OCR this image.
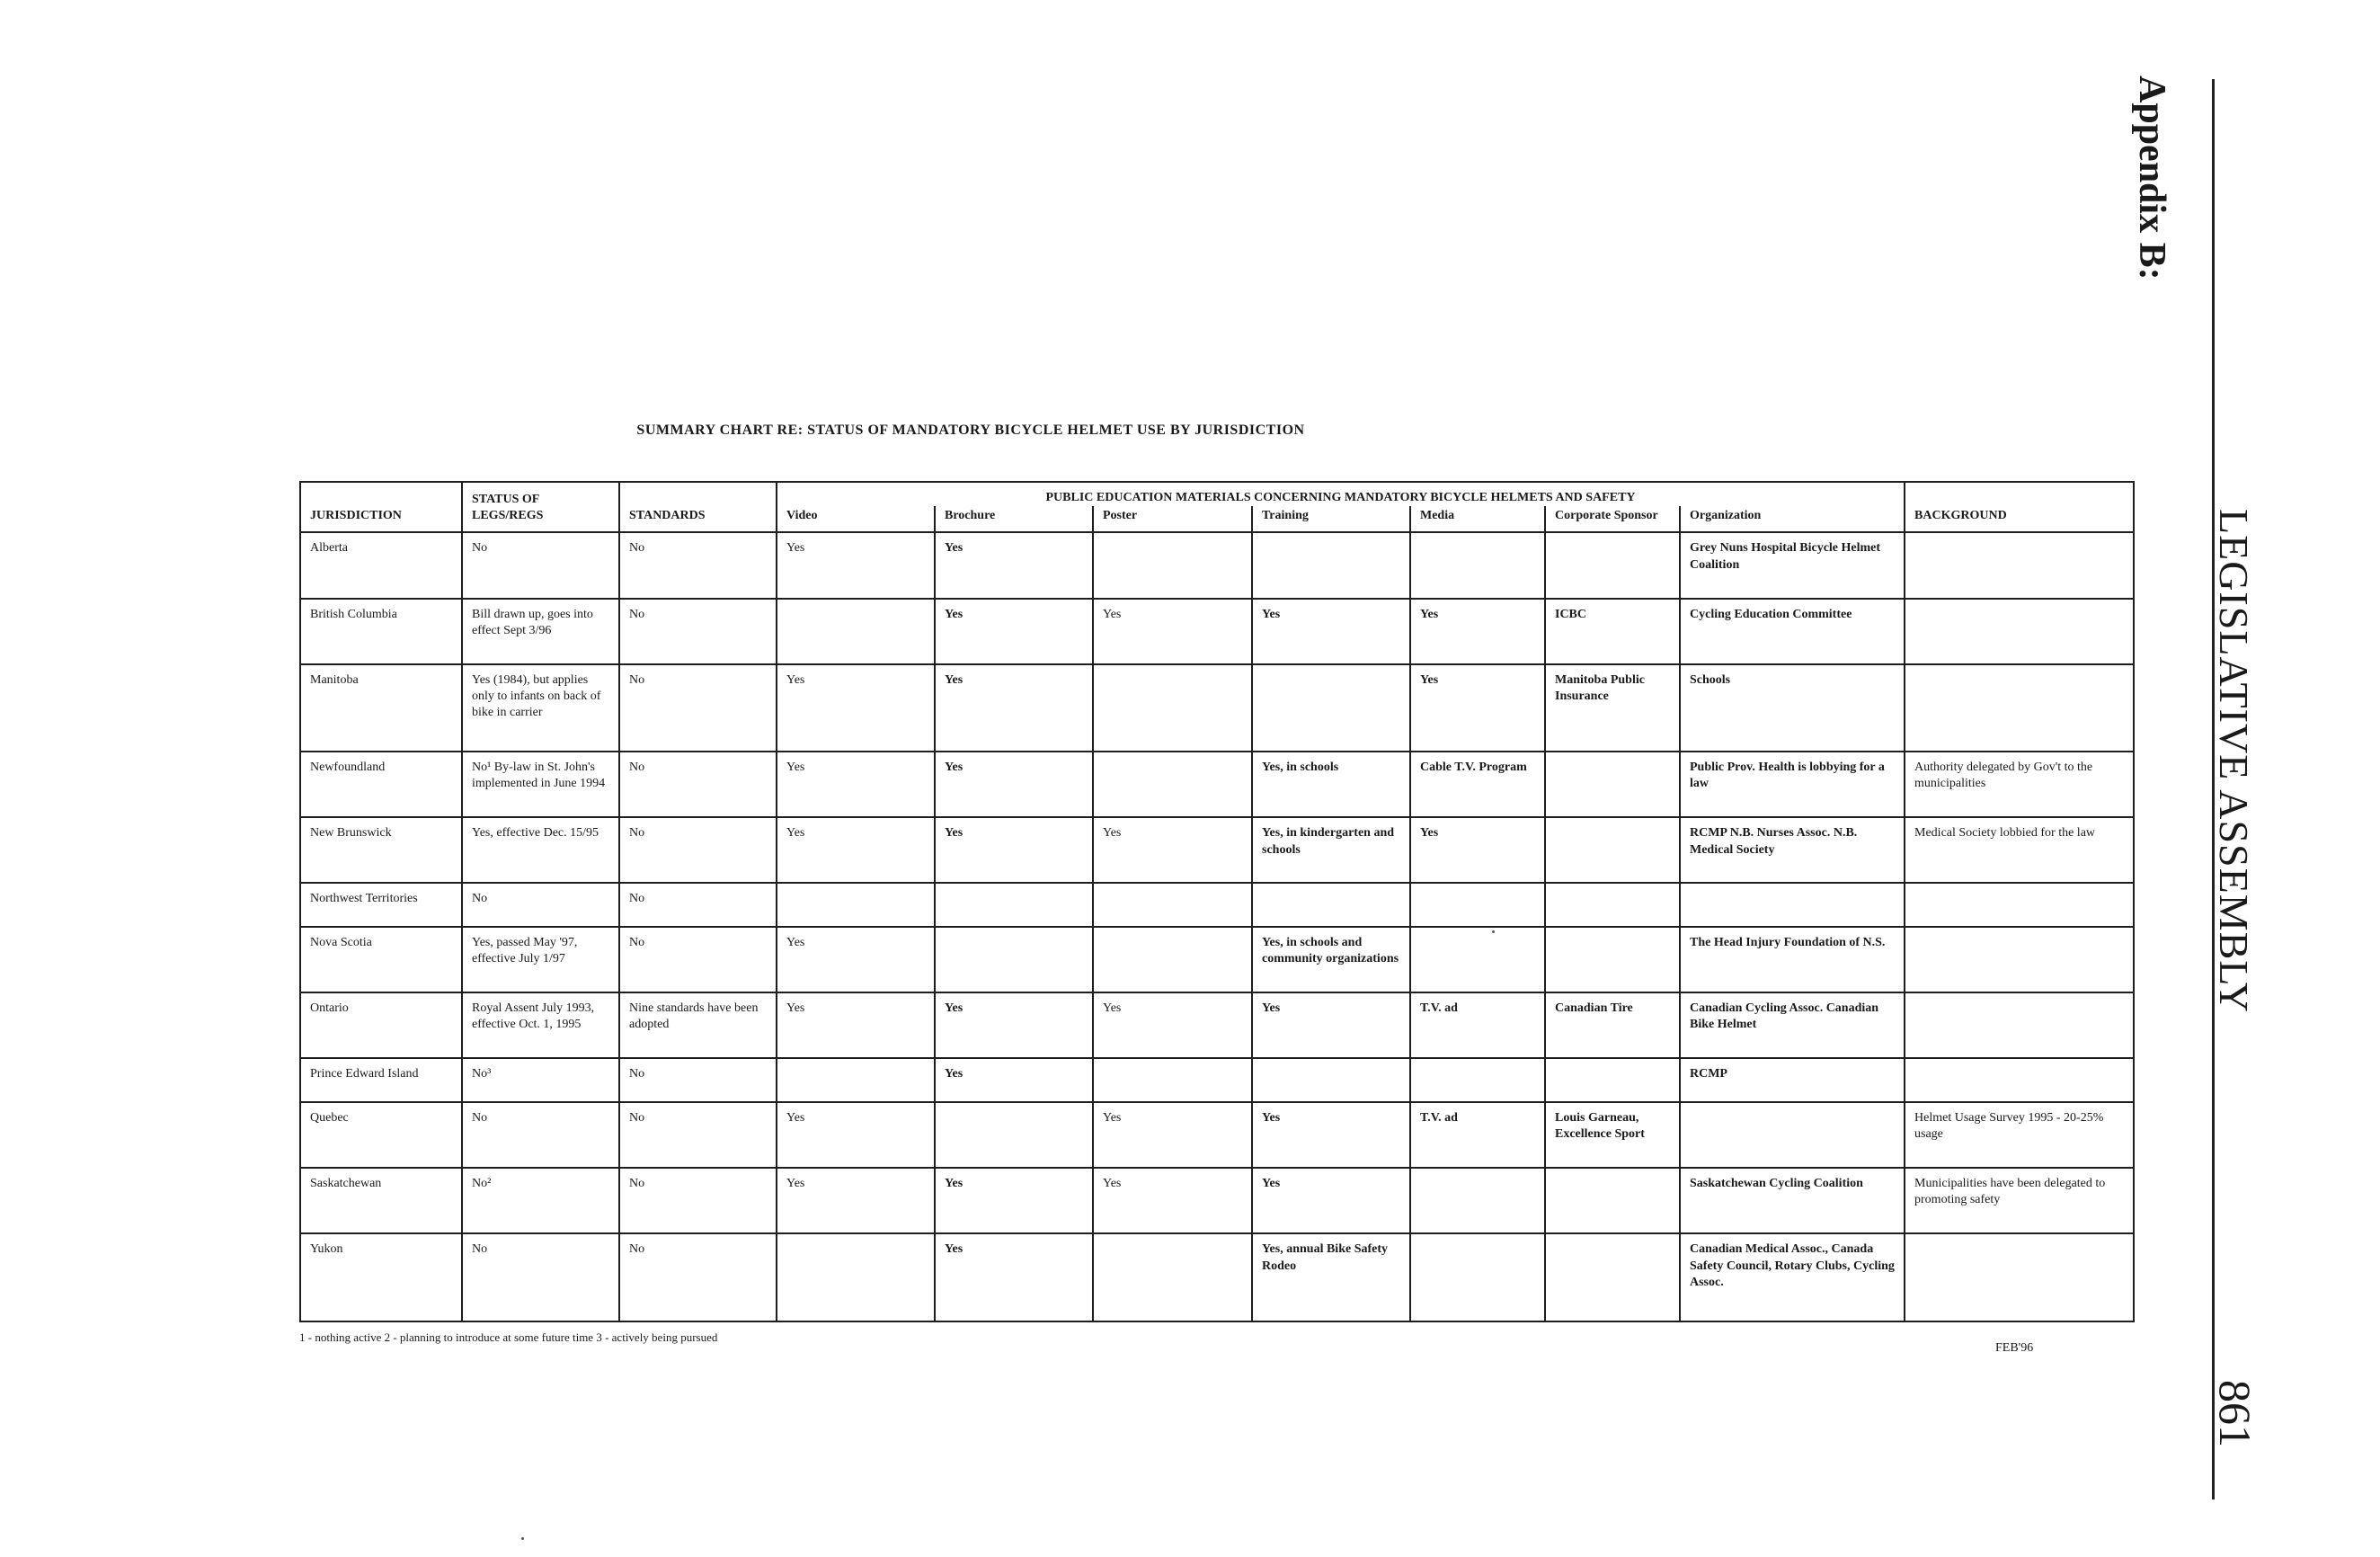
Appendix B:
LEGISLATIVE ASSEMBLY
861
SUMMARY CHART RE: STATUS OF MANDATORY BICYCLE HELMET USE BY JURISDICTION
JURISDICTION	STATUS OF LEGS/REGS	STANDARDS	PUBLIC EDUCATION MATERIALS CONCERNING MANDATORY BICYCLE HELMETS AND SAFETY							BACKGROUND
			Video	Brochure	Poster	Training	Media	Corporate Sponsor	Organization	
Alberta	No	No	Yes	Yes					Grey Nuns Hospital Bicycle Helmet Coalition	
British Columbia	Bill drawn up, goes into effect Sept 3/96	No		Yes	Yes	Yes	Yes	ICBC	Cycling Education Committee	
Manitoba	Yes (1984), but applies only to infants on back of bike in carrier	No	Yes	Yes			Yes	Manitoba Public Insurance	Schools	
Newfoundland	No¹ By-law in St. John's implemented in June 1994	No	Yes	Yes		Yes, in schools	Cable T.V. Program		Public Prov. Health is lobbying for a law	Authority delegated by Gov't to the municipalities
New Brunswick	Yes, effective Dec. 15/95	No	Yes	Yes	Yes	Yes, in kindergarten and schools	Yes		RCMP N.B. Nurses Assoc. N.B. Medical Society	Medical Society lobbied for the law
Northwest Territories	No	No								
Nova Scotia	Yes, passed May '97, effective July 1/97	No	Yes			Yes, in schools and community organizations			The Head Injury Foundation of N.S.	
Ontario	Royal Assent July 1993, effective Oct. 1, 1995	Nine standards have been adopted	Yes	Yes	Yes	Yes	T.V. ad	Canadian Tire	Canadian Cycling Assoc. Canadian Bike Helmet	
Prince Edward Island	No³	No		Yes					RCMP	
Quebec	No	No	Yes		Yes	Yes	T.V. ad	Louis Garneau, Excellence Sport		Helmet Usage Survey 1995 - 20-25% usage
Saskatchewan	No²	No	Yes	Yes	Yes	Yes			Saskatchewan Cycling Coalition	Municipalities have been delegated to promoting safety
Yukon	No	No		Yes		Yes, annual Bike Safety Rodeo			Canadian Medical Assoc., Canada Safety Council, Rotary Clubs, Cycling Assoc.	
1 - nothing active 2 - planning to introduce at some future time 3 - actively being pursued
FEB'96
